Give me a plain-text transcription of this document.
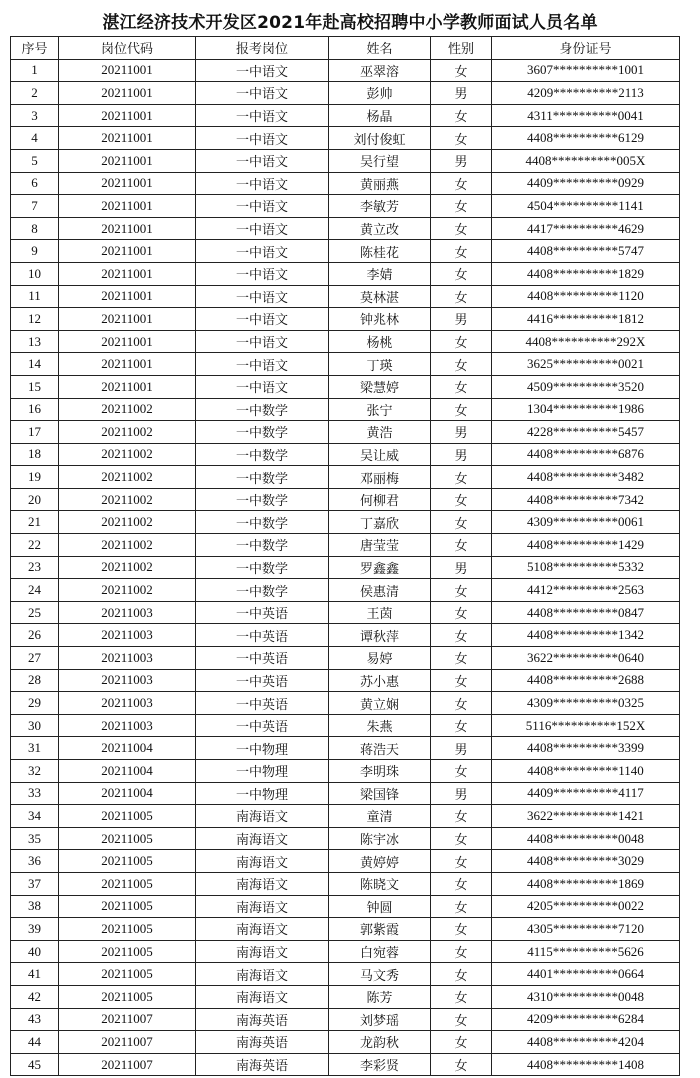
湛江经济技术开发区2021年赴高校招聘中小学教师面试人员名单
序号	岗位代码	报考岗位	姓名	性别	身份证号
1	20211001	一中语文	巫翠溶	女	3607**********1001
2	20211001	一中语文	彭帅	男	4209**********2113
3	20211001	一中语文	杨晶	女	4311**********0041
4	20211001	一中语文	刘付俊虹	女	4408**********6129
5	20211001	一中语文	吴行望	男	4408**********005X
6	20211001	一中语文	黄丽燕	女	4409**********0929
7	20211001	一中语文	李敏芳	女	4504**********1141
8	20211001	一中语文	黄立改	女	4417**********4629
9	20211001	一中语文	陈桂花	女	4408**********5747
10	20211001	一中语文	李婧	女	4408**********1829
11	20211001	一中语文	莫林湛	女	4408**********1120
12	20211001	一中语文	钟兆林	男	4416**********1812
13	20211001	一中语文	杨桃	女	4408**********292X
14	20211001	一中语文	丁瑛	女	3625**********0021
15	20211001	一中语文	梁慧婷	女	4509**********3520
16	20211002	一中数学	张宁	女	1304**********1986
17	20211002	一中数学	黄浩	男	4228**********5457
18	20211002	一中数学	吴让威	男	4408**********6876
19	20211002	一中数学	邓丽梅	女	4408**********3482
20	20211002	一中数学	何柳君	女	4408**********7342
21	20211002	一中数学	丁嘉欣	女	4309**********0061
22	20211002	一中数学	唐莹莹	女	4408**********1429
23	20211002	一中数学	罗鑫鑫	男	5108**********5332
24	20211002	一中数学	侯惠清	女	4412**********2563
25	20211003	一中英语	王茵	女	4408**********0847
26	20211003	一中英语	谭秋萍	女	4408**********1342
27	20211003	一中英语	易婷	女	3622**********0640
28	20211003	一中英语	苏小惠	女	4408**********2688
29	20211003	一中英语	黄立娴	女	4309**********0325
30	20211003	一中英语	朱燕	女	5116**********152X
31	20211004	一中物理	蒋浩天	男	4408**********3399
32	20211004	一中物理	李明珠	女	4408**********1140
33	20211004	一中物理	梁国锋	男	4409**********4117
34	20211005	南海语文	童清	女	3622**********1421
35	20211005	南海语文	陈宇冰	女	4408**********0048
36	20211005	南海语文	黄婷婷	女	4408**********3029
37	20211005	南海语文	陈晓文	女	4408**********1869
38	20211005	南海语文	钟圆	女	4205**********0022
39	20211005	南海语文	郭紫霞	女	4305**********7120
40	20211005	南海语文	白宛蓉	女	4115**********5626
41	20211005	南海语文	马文秀	女	4401**********0664
42	20211005	南海语文	陈芳	女	4310**********0048
43	20211007	南海英语	刘梦瑶	女	4209**********6284
44	20211007	南海英语	龙韵秋	女	4408**********4204
45	20211007	南海英语	李彩贤	女	4408**********1408
